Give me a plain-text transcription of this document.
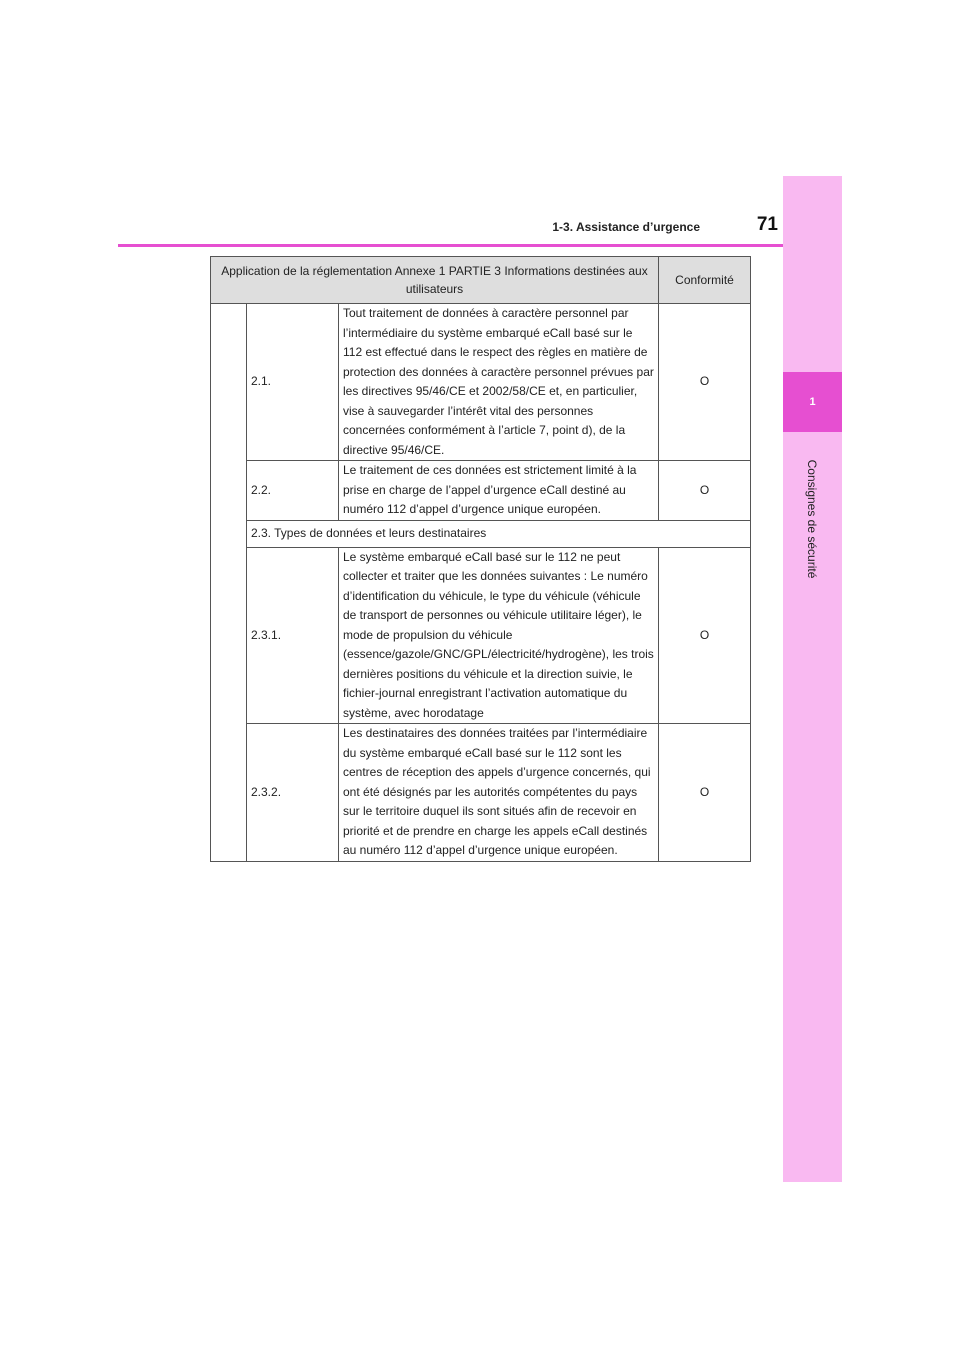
1
Consignes de sécurité
1-3. Assistance d’urgence	71
Application de la réglementation Annexe 1 PARTIE 3 Informations destinées aux utilisateurs			Conformité
	2.1.	Tout traitement de données à caractère personnel par l’intermédiaire du système embarqué eCall basé sur le 112 est effectué dans le respect des règles en matière de protection des données à caractère personnel prévues par les directives 95/46/CE et 2002/58/CE et, en particulier, vise à sauvegarder l’intérêt vital des personnes concernées conformément à l’article 7, point d), de la directive 95/46/CE.	O
	2.2.	Le traitement de ces données est strictement limité à la prise en charge de l’appel d’urgence eCall destiné au numéro 112 d’appel d’urgence unique européen.	O
	2.3. Types de données et leurs destinataires		
	2.3.1.	Le système embarqué eCall basé sur le 112 ne peut collecter et traiter que les données suivantes : Le numéro d’identification du véhicule, le type du véhicule (véhicule de transport de personnes ou véhicule utilitaire léger), le mode de propulsion du véhicule (essence/gazole/GNC/GPL/électricité/hydrogène), les trois dernières positions du véhicule et la direction suivie, le fichier-journal enregistrant l’activation automatique du système, avec horodatage	O
	2.3.2.	Les destinataires des données traitées par l’intermédiaire du système embarqué eCall basé sur le 112 sont les centres de réception des appels d’urgence concernés, qui ont été désignés par les autorités compétentes du pays sur le territoire duquel ils sont situés afin de recevoir en priorité et de prendre en charge les appels eCall destinés au numéro 112 d’appel d’urgence unique européen.	O
